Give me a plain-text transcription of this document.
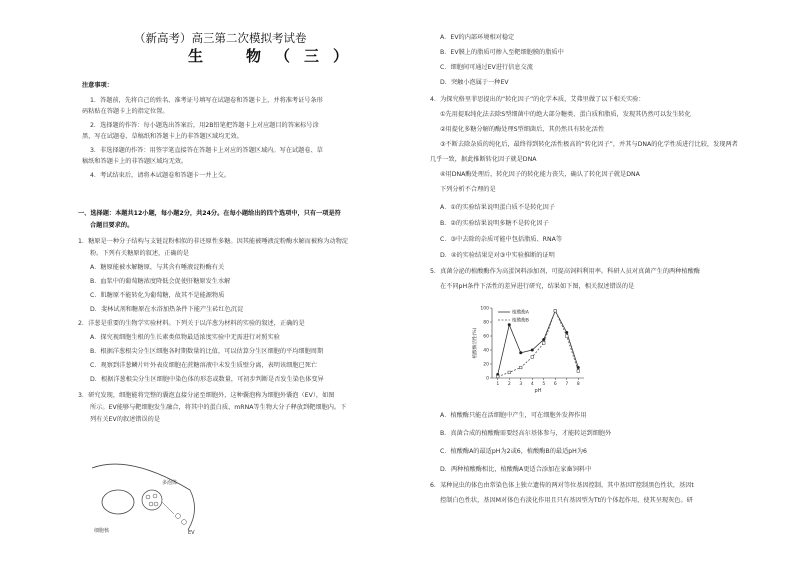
（新高考）高三第二次模拟考试卷
生　物（三）
注意事项：
1．答题前，先将自己的姓名、准考证号填写在试题卷和答题卡上，并将准考证号条形
码粘贴在答题卡上的指定位置。
2．选择题的作答：每小题选出答案后，用2B铅笔把答题卡上对应题目的答案标号涂
黑，写在试题卷、草稿纸和答题卡上的非答题区域均无效。
3．非选择题的作答：用签字笔直接答在答题卡上对应的答题区域内。写在试题卷、草
稿纸和答题卡上的非答题区域均无效。
4．考试结束后，请将本试题卷和答题卡一并上交。
一、选择题：本题共12小题，每小题2分，共24分。在每小题给出的四个选项中，只有一项是符
合题目要求的。
1．糖原是一种分子结构与支链淀粉相似的非还原性多糖。因其能被唾液淀粉酶水解而被称为动物淀
粉。下列有关糖原的叙述，正确的是
A．糖原能被水解糖原，与其含有唾液淀粉酶有关
B．血浆中的葡萄糖浓度降低会促使肝糖原发生水解
C．肌糖原不能转化为葡萄糖，故其不是能源物质
D．斐林试剂和糖原在水浴加热条件下能产生砖红色沉淀
2．洋葱是重要的生物学实验材料。下列关于以洋葱为材料的实验的叙述，正确的是
A．探究视细胞生根的生长素类似物最适浓度实验中无需进行对照实验
B．根据洋葱根尖分生区细胞各时期数量的比值，可以估算分生区细胞的平均细胞周期
C．观察到洋葱鳞片叶外表皮细胞在蔗糖溶液中未发生质壁分离，表明该细胞已死亡
D．根据洋葱根尖分生区细胞中染色体的形态或数量，可初步判断是否发生染色体变异
3．研究发现，细胞能将完整的囊泡直接分泌至细胞外，这种囊泡称为细胞外囊泡（EV），如图
所示。EV能够与靶细胞发生融合，将其中的蛋白质、mRNA等生物大分子释放到靶细胞内。下
列有关EV的叙述错误的是
细胞核
多泡体
EV
A．EV的内部环境相对稳定
B．EV膜上的脂质可掺入至靶细胞膜的脂质中
C．细胞间可通过EV进行信息交流
D．突触小泡属于一种EV
4．为探究格里菲思提出的“转化因子”的化学本质，艾弗里做了以下相关实验：
①先用提取纯化法去除S型细菌中的绝大部分糖类、蛋白质和脂质，发现其仍然可以发生转化
②用提化多糖分解的酶处理S型细菌后，其仍然具有转化活性
③不断去除杂质的纯化后，最终得到转化活性极高的“转化因子”，并其与DNA的化学性质进行比较，发现两者
几乎一致，据此推断转化因子就是DNA
④用DNA酶处理后，转化因子的转化能力丧失，确认了转化因子就是DNA
下列分析不合理的是
A．①的实验结果说明蛋白质不是转化因子
B．②的实验结果说明多糖不是转化因子
C．③中去除的杂质可能中包括脂质、RNA等
D．④的实验结果是对③中实验推断的证明
5．真菌分泌的植酸酶作为高蛋饲料添加剂，可提高饲料利用率。科研人员对真菌产生的两种植酸酶
在不同pH条件下活性的差异进行研究，结果如下图，相关叙述错误的是
0
20
40
60
80
100
1 2 3 4 5 6 7 8
pH
植酸酶活性(%)
植酸酶A
植酸酶B
A．植酸酶只能在活细胞中产生，可在细胞外发挥作用
B．真菌合成的植酸酶需要经高尔基体参与，才能转运到细胞外
C．植酸酶A的最适pH为2或6，植酸酶B的最适pH为6
D．两种植酸酶相比，植酸酶A更适合添加在家畜饲料中
6．某种昆虫的体色由常染色体上独立遗传的两对等位基因控制，其中基因T控制黑色性状，基因t
控制白色性状，基因M对体色有淡化作用且只有基因型为Tt的个体起作用，使其呈现灰色。研
